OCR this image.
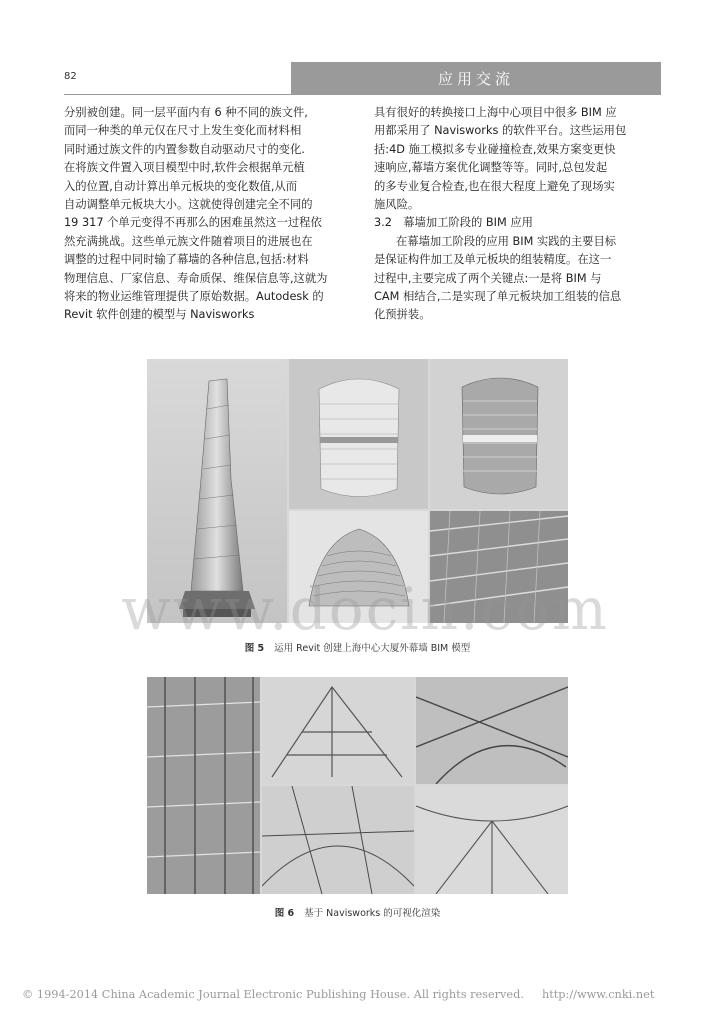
82	应用交流
分别被创建。同一层平面内有 6 种不同的族文件,
而同一种类的单元仅在尺寸上发生变化而材料相
同时通过族文件的内置参数自动驱动尺寸的变化.
在将族文件置入项目模型中时,软件会根据单元植
入的位置,自动计算出单元板块的变化数值,从而
自动调整单元板块大小。这就使得创建完全不同的
19 317 个单元变得不再那么的困难虽然这一过程依
然充满挑战。这些单元族文件随着项目的进展也在
调整的过程中同时输了幕墙的各种信息,包括:材料
物理信息、厂家信息、寿命质保、维保信息等,这就为
将来的物业运维管理提供了原始数据。Autodesk 的
Revit 软件创建的模型与 Navisworks
具有很好的转换接口上海中心项目中很多 BIM 应
用都采用了 Navisworks 的软件平台。这些运用包
括:4D 施工模拟多专业碰撞检查,效果方案变更快
速响应,幕墙方案优化调整等等。同时,总包发起
的多专业复合检查,也在很大程度上避免了现场实
施风险。
3.2　幕墙加工阶段的 BIM 应用
在幕墙加工阶段的应用 BIM 实践的主要目标
是保证构件加工及单元板块的组装精度。在这一
过程中,主要完成了两个关键点:一是将 BIM 与
CAM 相结合,二是实现了单元板块加工组装的信息
化预拼装。
图 5 运用 Revit 创建上海中心大厦外幕墙 BIM 模型
图 6 基于 Navisworks 的可视化渲染
www.docin.com
© 1994-2014 China Academic Journal Electronic Publishing House. All rights reserved. http://www.cnki.net
